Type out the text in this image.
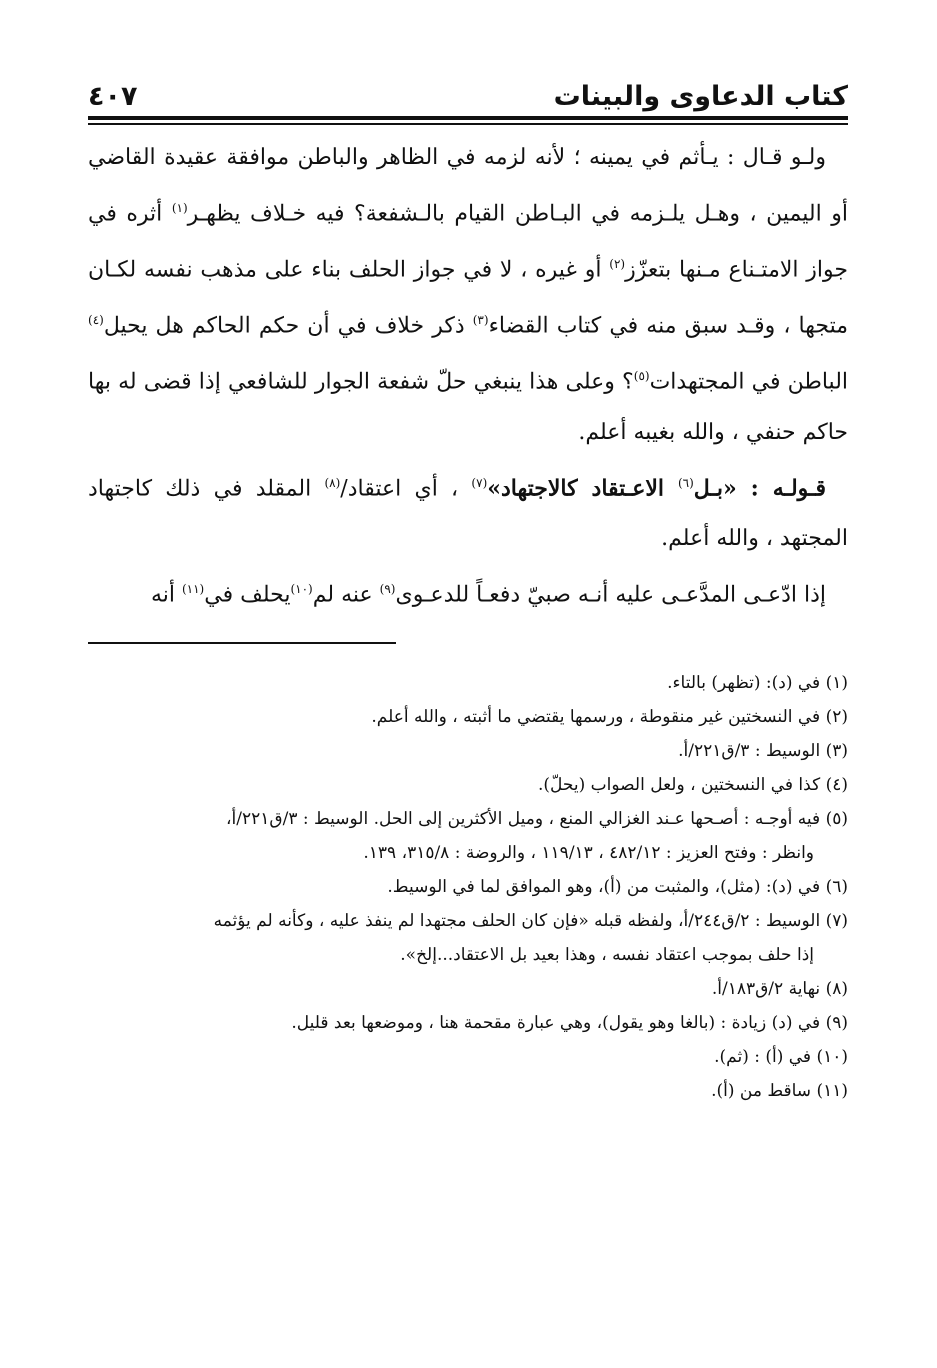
كتاب الدعاوى والبينات
٤٠٧

ولـو قـال : يـأثم في يمينه ؛ لأنه لزمه في الظاهر والباطن موافقة عقيدة القاضي أو اليمين ، وهـل يلـزمه في البـاطن القيام بالـشفعة؟ فيه خـلاف يظهـر$^{(١)}$ أثره في جواز الامتـناع مـنها بتعزّز$^{(٢)}$ أو غيره ، لا في جواز الحلف بناء على مذهب نفسه لكـان متجها ، وقـد سبق منه في كتاب القضاء$^{(٣)}$ ذكر خلاف في أن حكم الحاكم هل يحيل$^{(٤)}$ الباطن في المجتهدات$^{(٥)}$؟ وعلى هذا ينبغي حلّ شفعة الجوار للشافعي إذا قضى له بها حاكم حنفي ، والله بغيبه أعلم.

قـولـه : «بـل$^{(٦)}$ الاعـتقاد كالاجتهاد»$^{(٧)}$ ، أي اعتقاد/$^{(٨)}$ المقلد في ذلك كاجتهاد المجتهد ، والله أعلم.

إذا ادّعـى المدَّعـى عليه أنـه صبيّ دفعـاً للدعـوى$^{(٩)}$ عنه لم$^{(١٠)}$يحلف في$^{(١١)}$ أنه

(١) في (د): (تظهر) بالتاء.

(٢) في النسختين غير منقوطة ، ورسمها يقتضي ما أثبته ، والله أعلم.

(٣) الوسيط : ٣/ق٢٢١/أ.

(٤) كذا في النسختين ، ولعل الصواب (يحلّ).

(٥) فيه أوجـه : أصـحها عـند الغزالي المنع ، وميل الأكثرين إلى الحل. الوسيط : ٣/ق٢٢١/أ،
وانظر : وفتح العزيز : ٤٨٢/١٢ ، ١١٩/١٣ ، والروضة : ٣١٥/٨، ١٣٩.

(٦) في (د): (مثل)، والمثبت من (أ)، وهو الموافق لما في الوسيط.

(٧) الوسيط : ٢/ق٢٤٤/أ، ولفظه قبله «فإن كان الحلف مجتهدا لم ينفذ عليه ، وكأنه لم يؤثمه
إذا حلف بموجب اعتقاد نفسه ، وهذا بعيد بل الاعتقاد...إلخ».

(٨) نهاية ٢/ق١٨٣/أ.

(٩) في (د) زيادة : (بالغا وهو يقول)، وهي عبارة مقحمة هنا ، وموضعها بعد قليل.

(١٠) في (أ) : (ثم).

(١١) ساقط من (أ).
